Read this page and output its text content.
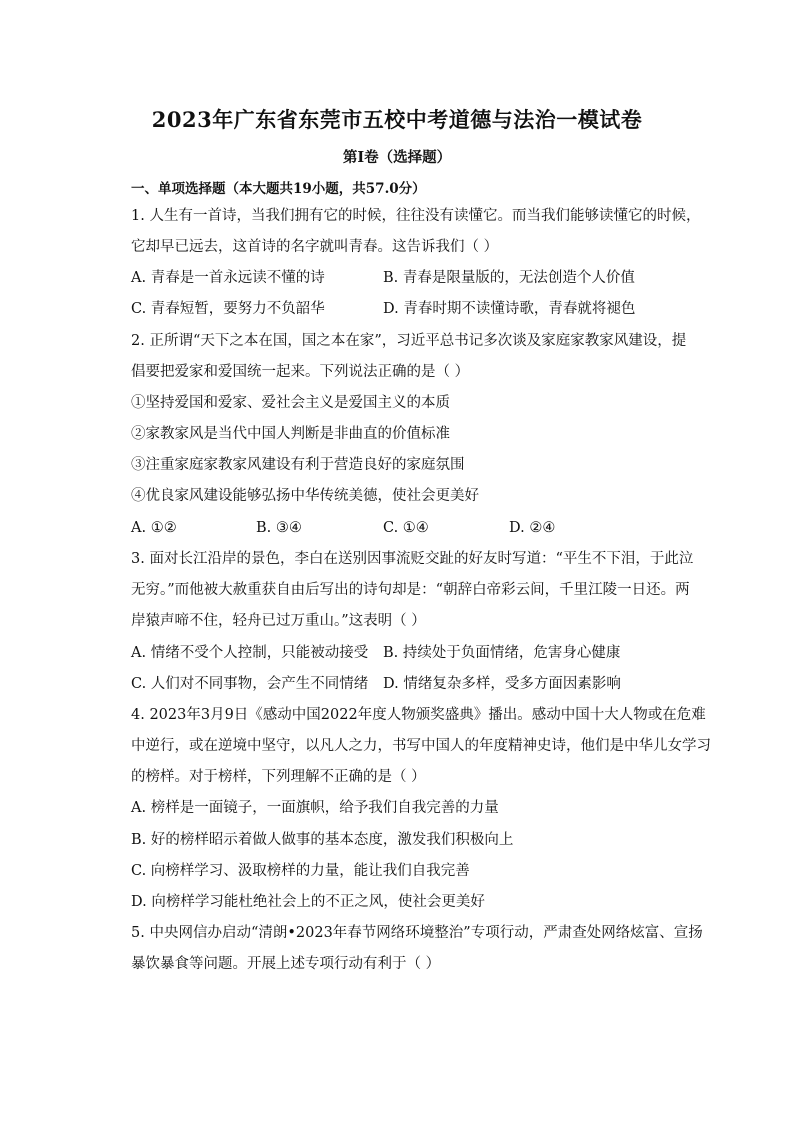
2023年广东省东莞市五校中考道德与法治一模试卷
第Ⅰ卷（选择题）
一、单项选择题（本大题共19小题，共57.0分）
1. 人生有一首诗，当我们拥有它的时候，往往没有读懂它。而当我们能够读懂它的时候，
它却早已远去，这首诗的名字就叫青春。这告诉我们（ ）
A. 青春是一首永远读不懂的诗	B. 青春是限量版的，无法创造个人价值
C. 青春短暂，要努力不负韶华	D. 青春时期不读懂诗歌，青春就将褪色
2. 正所谓“天下之本在国，国之本在家”，习近平总书记多次谈及家庭家教家风建设，提
倡要把爱家和爱国统一起来。下列说法正确的是（ ）
①坚持爱国和爱家、爱社会主义是爱国主义的本质
②家教家风是当代中国人判断是非曲直的价值标准
③注重家庭家教家风建设有利于营造良好的家庭氛围
④优良家风建设能够弘扬中华传统美德，使社会更美好
A. ①②	B. ③④	C. ①④	D. ②④
3. 面对长江沿岸的景色，李白在送别因事流贬交趾的好友时写道：“平生不下泪，于此泣
无穷。”而他被大赦重获自由后写出的诗句却是：“朝辞白帝彩云间，千里江陵一日还。两
岸猿声啼不住，轻舟已过万重山。”这表明（ ）
A. 情绪不受个人控制，只能被动接受 B. 持续处于负面情绪，危害身心健康
C. 人们对不同事物，会产生不同情绪 D. 情绪复杂多样，受多方面因素影响
4. 2023年3月9日《感动中国2022年度人物颁奖盛典》播出。感动中国十大人物或在危难
中逆行，或在逆境中坚守，以凡人之力，书写中国人的年度精神史诗，他们是中华儿女学习
的榜样。对于榜样，下列理解不正确的是（ ）
A. 榜样是一面镜子，一面旗帜，给予我们自我完善的力量
B. 好的榜样昭示着做人做事的基本态度，激发我们积极向上
C. 向榜样学习、汲取榜样的力量，能让我们自我完善
D. 向榜样学习能杜绝社会上的不正之风，使社会更美好
5. 中央网信办启动“清朗•2023年春节网络环境整治”专项行动，严肃查处网络炫富、宣扬
暴饮暴食等问题。开展上述专项行动有利于（ ）
